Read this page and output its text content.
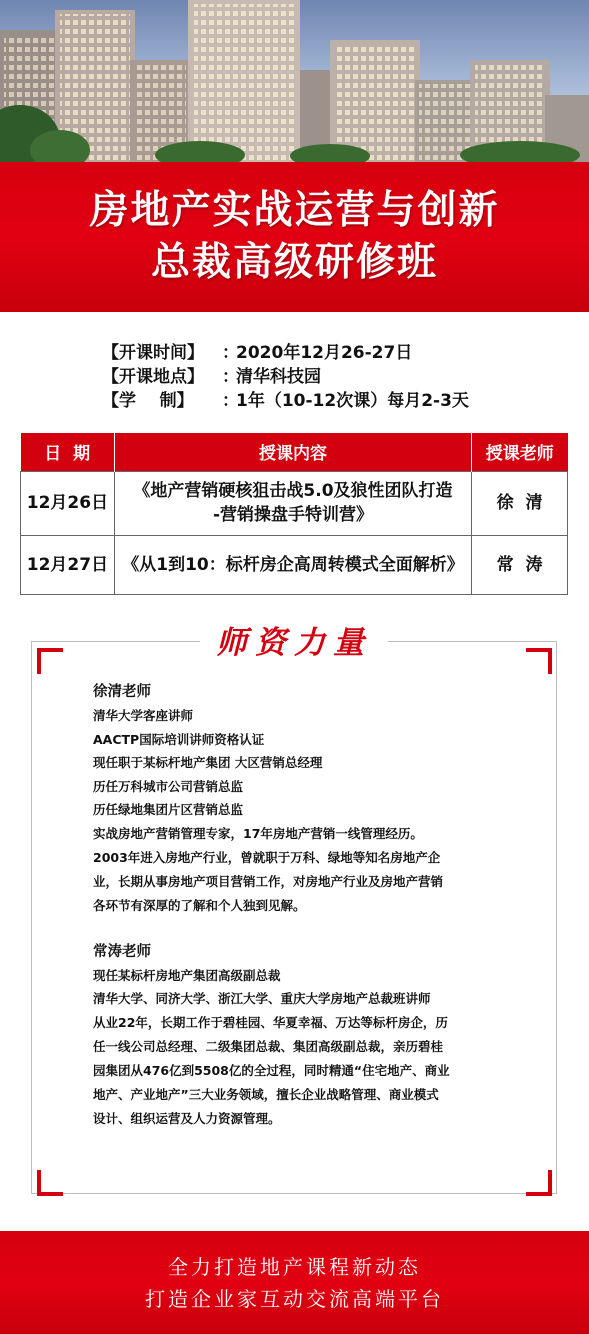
房地产实战运营与创新
总裁高级研修班
【开课时间】	：
2020年12月26-27日
【开课地点】	：
清华科技园
【学    制】	：
1年（10-12次课）每月2-3天
日  期	授课内容	授课老师
12月26日	《地产营销硬核狙击战5.0及狼性团队打造
-营销操盘手特训营》	徐  清
12月27日	《从1到10：标杆房企高周转模式全面解析》	常  涛
师资力量
徐清老师
清华大学客座讲师
AACTP国际培训讲师资格认证
现任职于某标杆地产集团 大区营销总经理
历任万科城市公司营销总监
历任绿地集团片区营销总监
实战房地产营销管理专家，17年房地产营销一线管理经历。
2003年进入房地产行业，曾就职于万科、绿地等知名房地产企
业，长期从事房地产项目营销工作，对房地产行业及房地产营销
各环节有深厚的了解和个人独到见解。
常涛老师
现任某标杆房地产集团高级副总裁
清华大学、同济大学、浙江大学、重庆大学房地产总裁班讲师
从业22年，长期工作于碧桂园、华夏幸福、万达等标杆房企，历
任一线公司总经理、二级集团总裁、集团高级副总裁，亲历碧桂
园集团从476亿到5508亿的全过程，同时精通“住宅地产、商业
地产、产业地产”三大业务领域，擅长企业战略管理、商业模式
设计、组织运营及人力资源管理。
全力打造地产课程新动态
打造企业家互动交流高端平台
